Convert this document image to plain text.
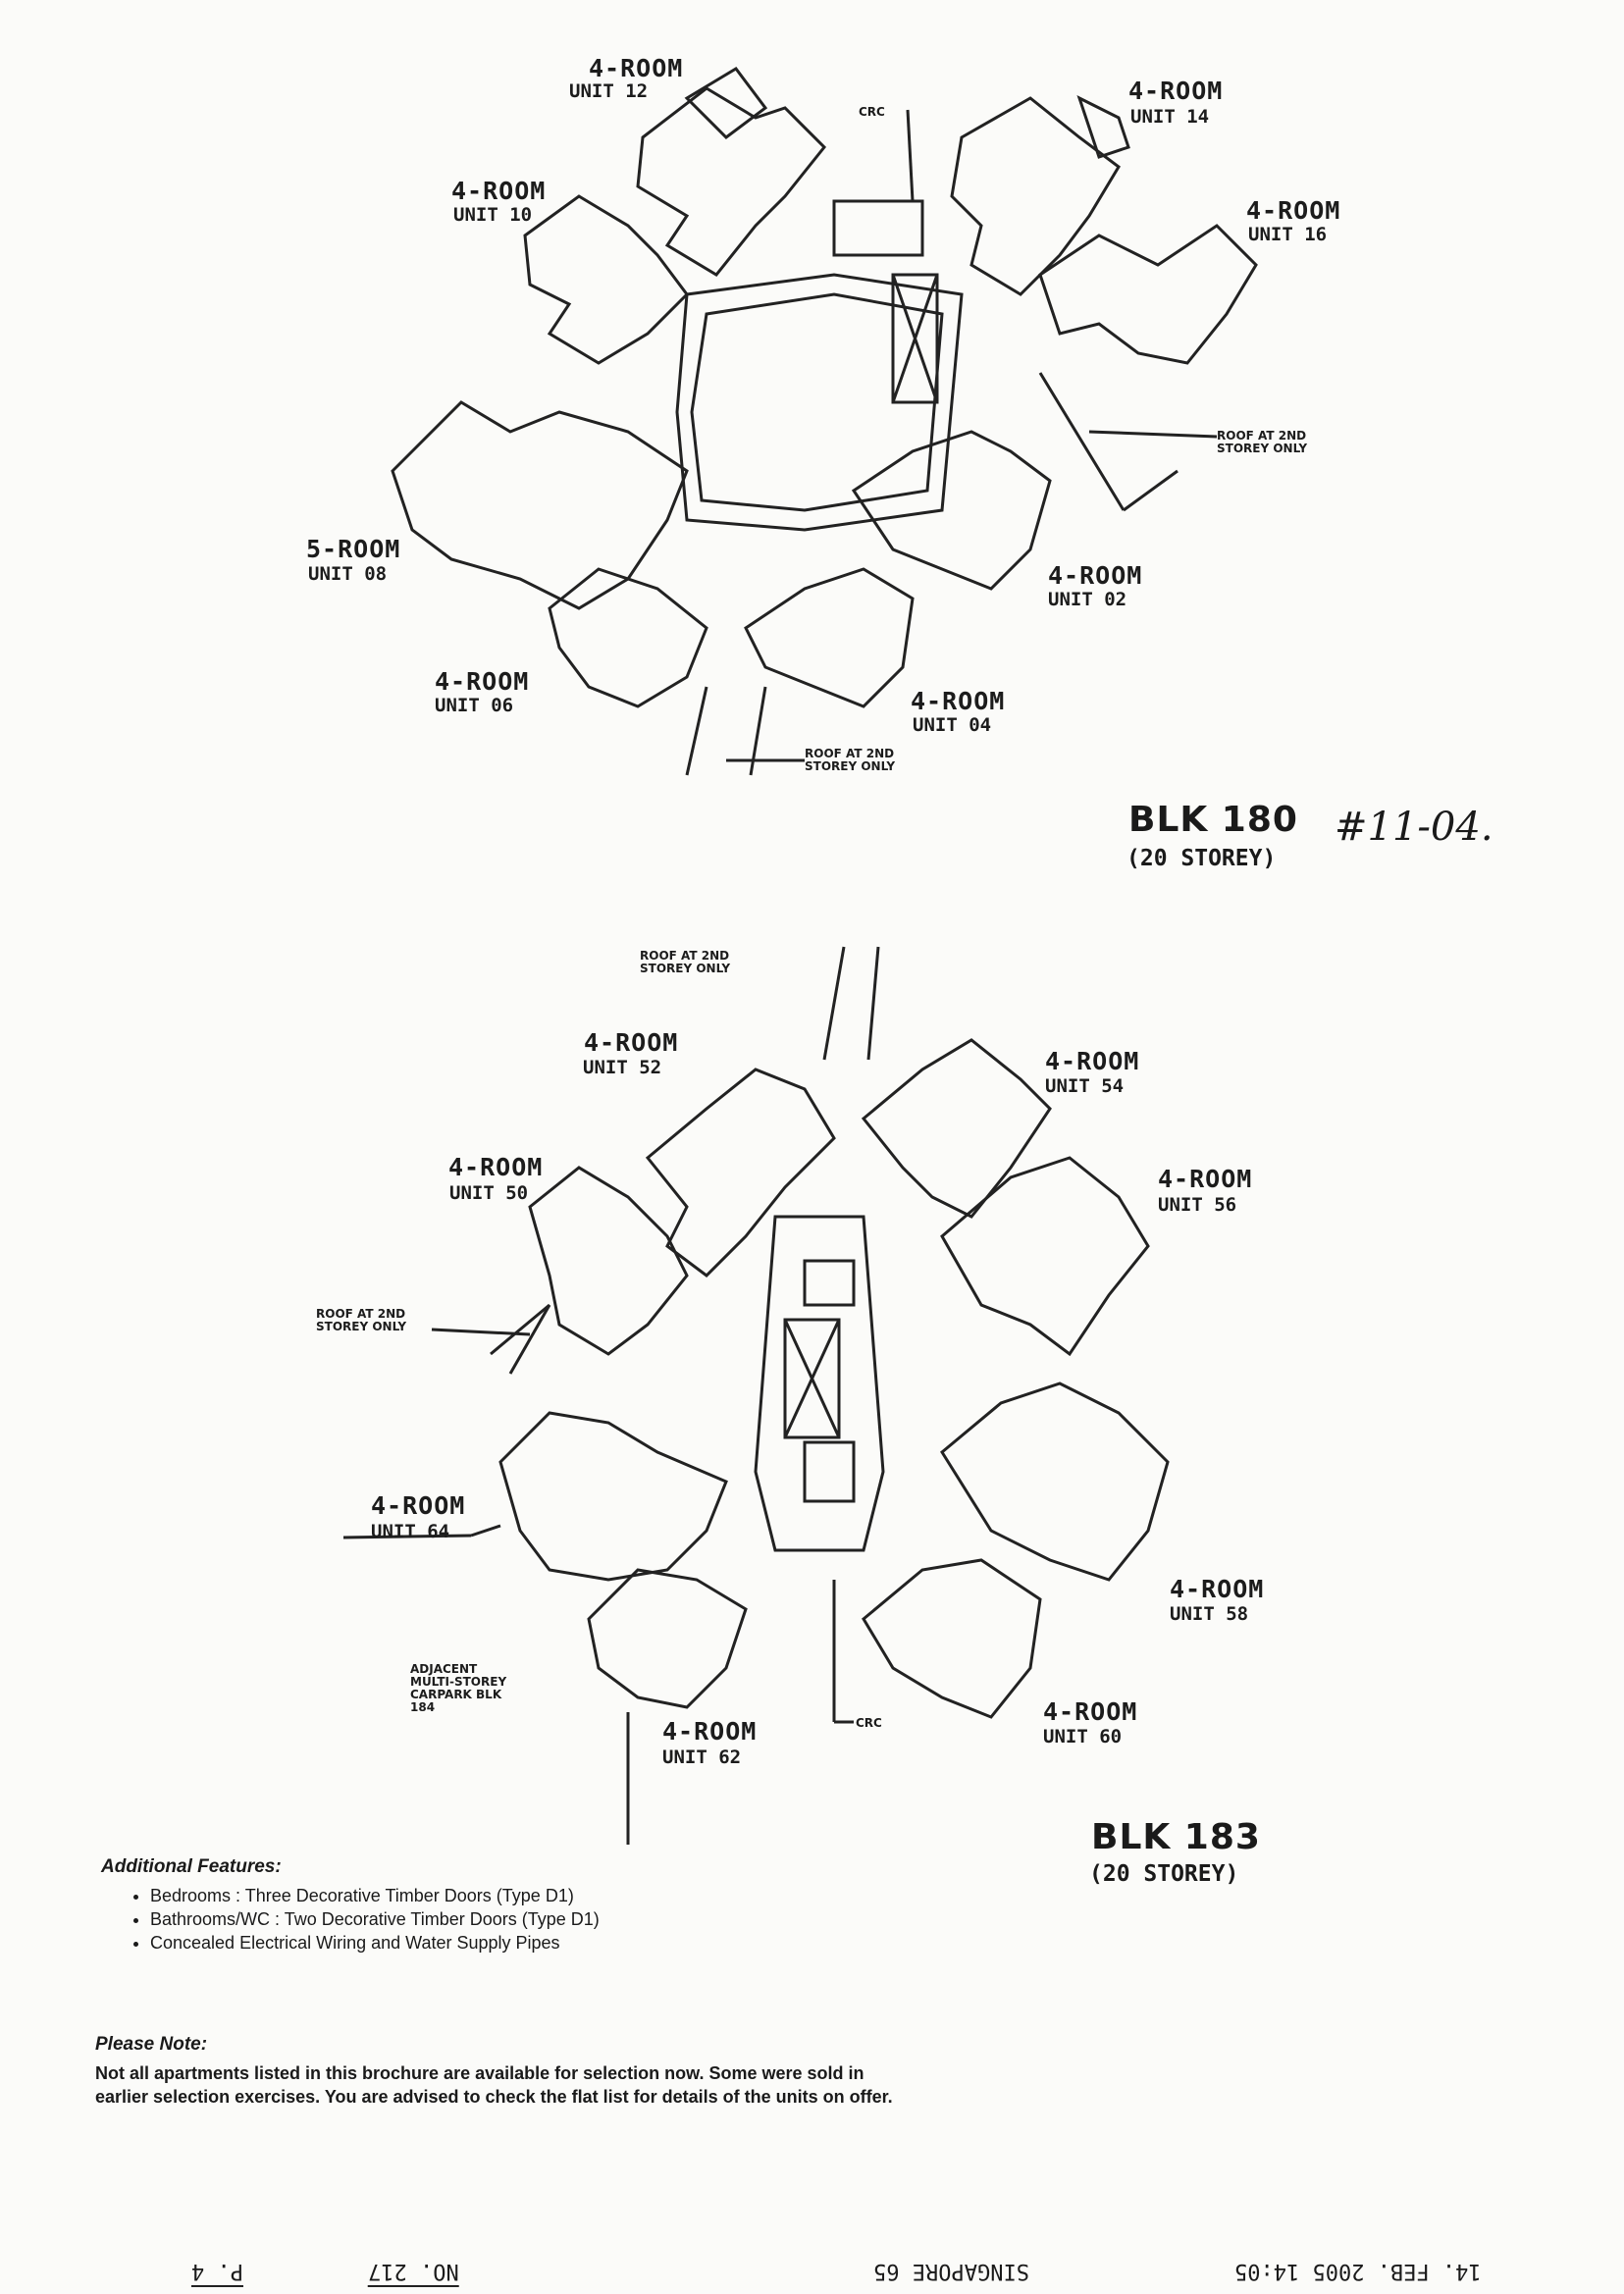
4-ROOM
UNIT 12	4-ROOM
UNIT 14
4-ROOM
UNIT 10	4-ROOM
UNIT 16
5-ROOM
UNIT 08	4-ROOM
UNIT 02
4-ROOM
UNIT 06	4-ROOM
UNIT 04
CRC
ROOF AT 2ND STOREY ONLY
ROOF AT 2ND STOREY ONLY
BLK 180
(20 STOREY)
#11-04.
ROOF AT 2ND STOREY ONLY
4-ROOM
UNIT 52	4-ROOM
UNIT 54
4-ROOM
UNIT 50	4-ROOM
UNIT 56
ROOF AT 2ND STOREY ONLY
4-ROOM
UNIT 64
4-ROOM
UNIT 58
ADJACENT MULTI-STOREY CARPARK BLK 184
4-ROOM
UNIT 62
CRC	4-ROOM
UNIT 60
BLK 183
(20 STOREY)
Additional Features:
• Bedrooms : Three Decorative Timber Doors (Type D1)
• Bathrooms/WC : Two Decorative Timber Doors (Type D1)
• Concealed Electrical Wiring and Water Supply Pipes
Please Note:

Not all apartments listed in this brochure are available for selection now. Some were sold in

earlier selection exercises. You are advised to check the flat list for details of the units on offer.

14. FEB. 2005 14:05
SINGAPORE 65
NO. 217
P. 4
